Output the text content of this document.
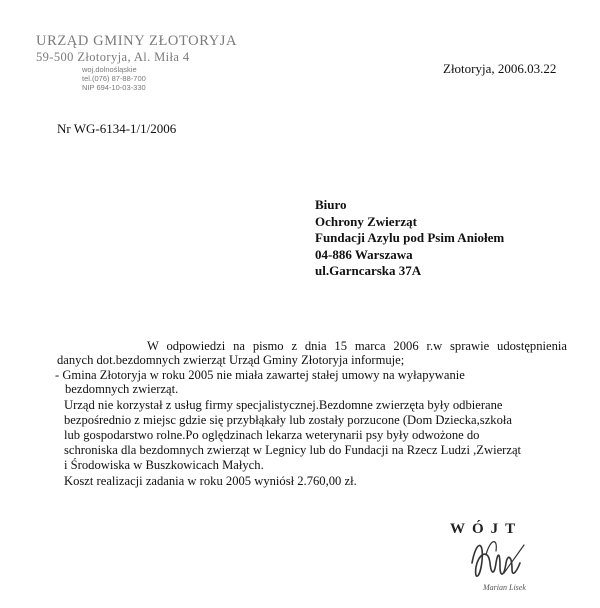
URZĄD GMINY ZŁOTORYJA
59-500 Złotoryja, Al. Miła 4
woj.dolnośląskie
tel.(076) 87-88-700
NIP 694-10-03-330
Złotoryja, 2006.03.22
Nr WG-6134-1/1/2006
Biuro
Ochrony Zwierząt
Fundacji Azylu pod Psim Aniołem
04-886 Warszawa
ul.Garncarska 37A
W odpowiedzi na pismo z dnia 15 marca 2006 r.w sprawie udostępnienia
danych dot.bezdomnych zwierząt Urząd Gminy Złotoryja informuje;
- Gmina Złotoryja w roku 2005 nie miała zawartej stałej umowy na wyłapywanie
bezdomnych zwierząt.
Urząd nie korzystał z usług firmy specjalistycznej.Bezdomne zwierzęta były odbierane
bezpośrednio z miejsc gdzie się przybłąkały lub zostały porzucone (Dom Dziecka,szkoła
lub gospodarstwo rolne.Po oględzinach lekarza weterynarii psy były odwożone do
schroniska dla bezdomnych zwierząt w Legnicy lub do Fundacji na Rzecz Ludzi ,Zwierząt
i Środowiska w Buszkowicach Małych.
Koszt realizacji zadania w roku 2005 wyniósł 2.760,00 zł.
WÓJT
Marian Lisek
